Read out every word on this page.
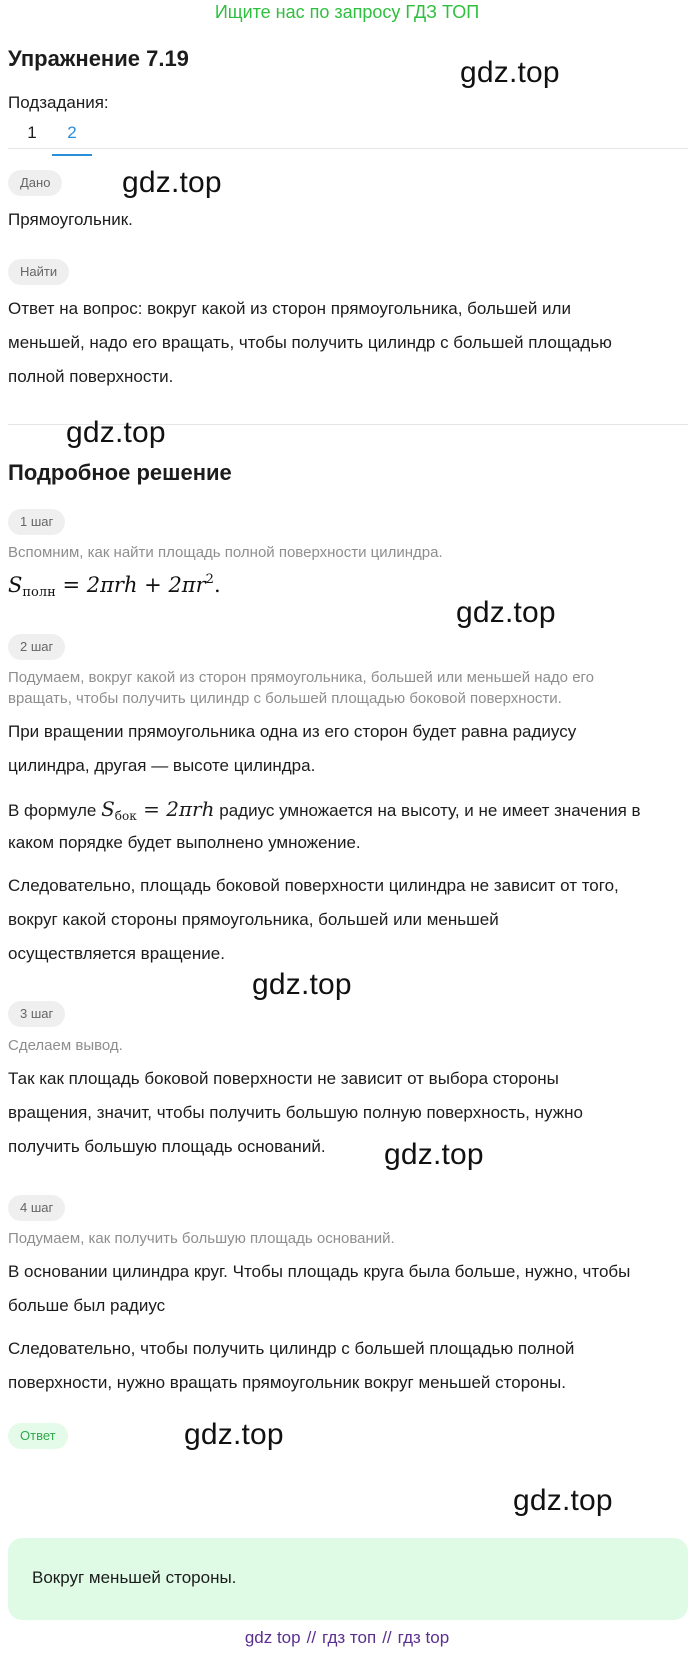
Ищите нас по запросу ГДЗ ТОП
Упражнение 7.19	gdz.top
Подзадания:
1	2
Дано	gdz.top
Прямоугольник.
Найти
Ответ на вопрос: вокруг какой из сторон прямоугольника, большей или
меньшей, надо его вращать, чтобы получить цилиндр с большей площадью
полной поверхности.
gdz.top
Подробное решение
1 шаг
Вспомним, как найти площадь полной поверхности цилиндра.
$S_{полн} = 2\pi rh + 2\pi r^2$.
gdz.top
2 шаг
Подумаем, вокруг какой из сторон прямоугольника, большей или меньшей надо его
вращать, чтобы получить цилиндр с большей площадью боковой поверхности.
При вращении прямоугольника одна из его сторон будет равна радиусу
цилиндра, другая — высоте цилиндра.
В формуле $S_{бок} = 2\pi rh$ радиус умножается на высоту, и не имеет значения в
каком порядке будет выполнено умножение.
Следовательно, площадь боковой поверхности цилиндра не зависит от того,
вокруг какой стороны прямоугольника, большей или меньшей
осуществляется вращение.
gdz.top
3 шаг
Сделаем вывод.
Так как площадь боковой поверхности не зависит от выбора стороны
вращения, значит, чтобы получить большую полную поверхность, нужно
получить большую площадь оснований.	gdz.top
4 шаг
Подумаем, как получить большую площадь оснований.
В основании цилиндра круг. Чтобы площадь круга была больше, нужно, чтобы
больше был радиус
Следовательно, чтобы получить цилиндр с большей площадью полной
поверхности, нужно вращать прямоугольник вокруг меньшей стороны.
Ответ	gdz.top
Вокруг меньшей стороны.
gdz.top
gdz top // гдз топ // гдз top
